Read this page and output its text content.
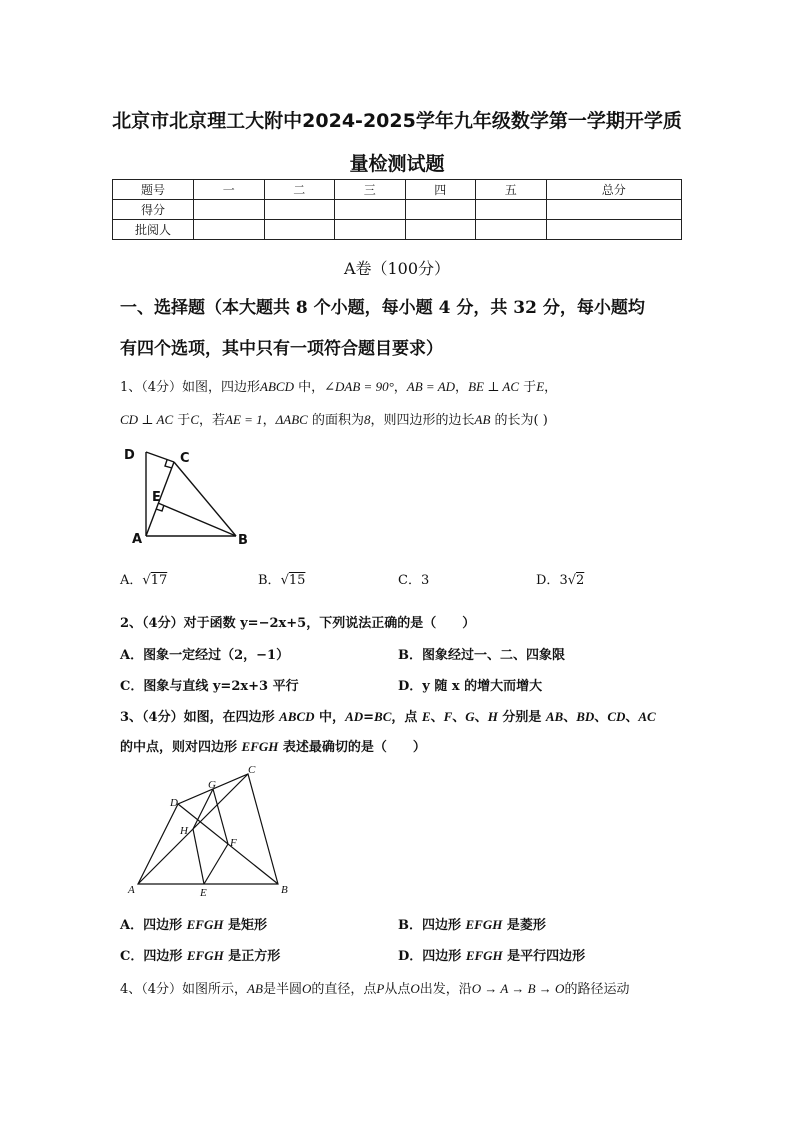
北京市北京理工大附中2024-2025学年九年级数学第一学期开学质
量检测试题
题号	一	二	三	四	五	总分
得分						
批阅人						
A卷（100分）
一、选择题（本大题共 8 个小题，每小题 4 分，共 32 分，每小题均
有四个选项，其中只有一项符合题目要求）
1、（4分）如图，四边形ABCD 中，∠DAB = 90°，AB = AD，BE ⊥ AC 于E，
CD ⊥ AC 于C，若AE = 1，ΔABC 的面积为8，则四边形的边长AB 的长为( )
D	C
E
A	B
A．√17	B．√15	C．3	D．3√2
2、（4分）对于函数 y=−2x+5，下列说法正确的是（　　）
A．图象一定经过（2，−1）	B．图象经过一、二、四象限
C．图象与直线 y=2x+3 平行	D．y 随 x 的增大而增大
3、（4分）如图，在四边形 ABCD 中，AD=BC，点 E、F、G、H 分别是 AB、BD、CD、AC
的中点，则对四边形 EFGH 表述最确切的是（　　）
C
D
G
H
F
A	E	B
A．四边形 EFGH 是矩形	B．四边形 EFGH 是菱形
C．四边形 EFGH 是正方形	D．四边形 EFGH 是平行四边形
4、（4分）如图所示，AB是半圆O的直径，点P从点O出发，沿O → A → B → O的路径运动
